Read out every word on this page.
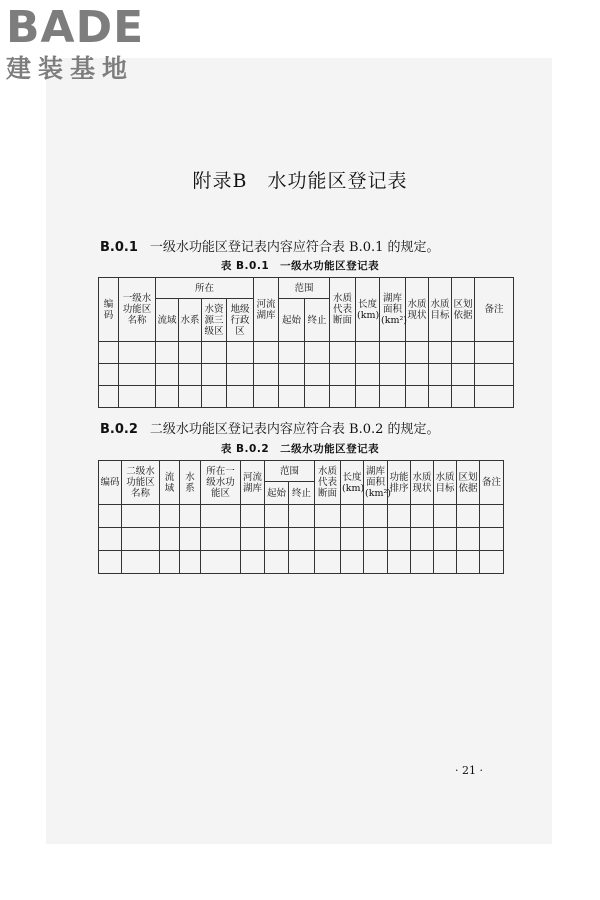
BADE
建装基地
附录B　水功能区登记表
B.0.1 一级水功能区登记表内容应符合表 B.0.1 的规定。
表 B.0.1　一级水功能区登记表
编码	一级水功能区名称	所在				河流湖库	范围		水质代表断面	长度(km)	湖库面积(km²)	水质现状	水质目标	区划依据	备注
		流域	水系	水资源三级区	地级行政区		起始	终止							

B.0.2 二级水功能区登记表内容应符合表 B.0.2 的规定。
表 B.0.2　二级水功能区登记表
编码	二级水功能区名称	流域	水系	所在一级水功能区	河流湖库	范围		水质代表断面	长度(km)	湖库面积(km²)	功能排序	水质现状	水质目标	区划依据	备注
						起始	终止								

· 21 ·
